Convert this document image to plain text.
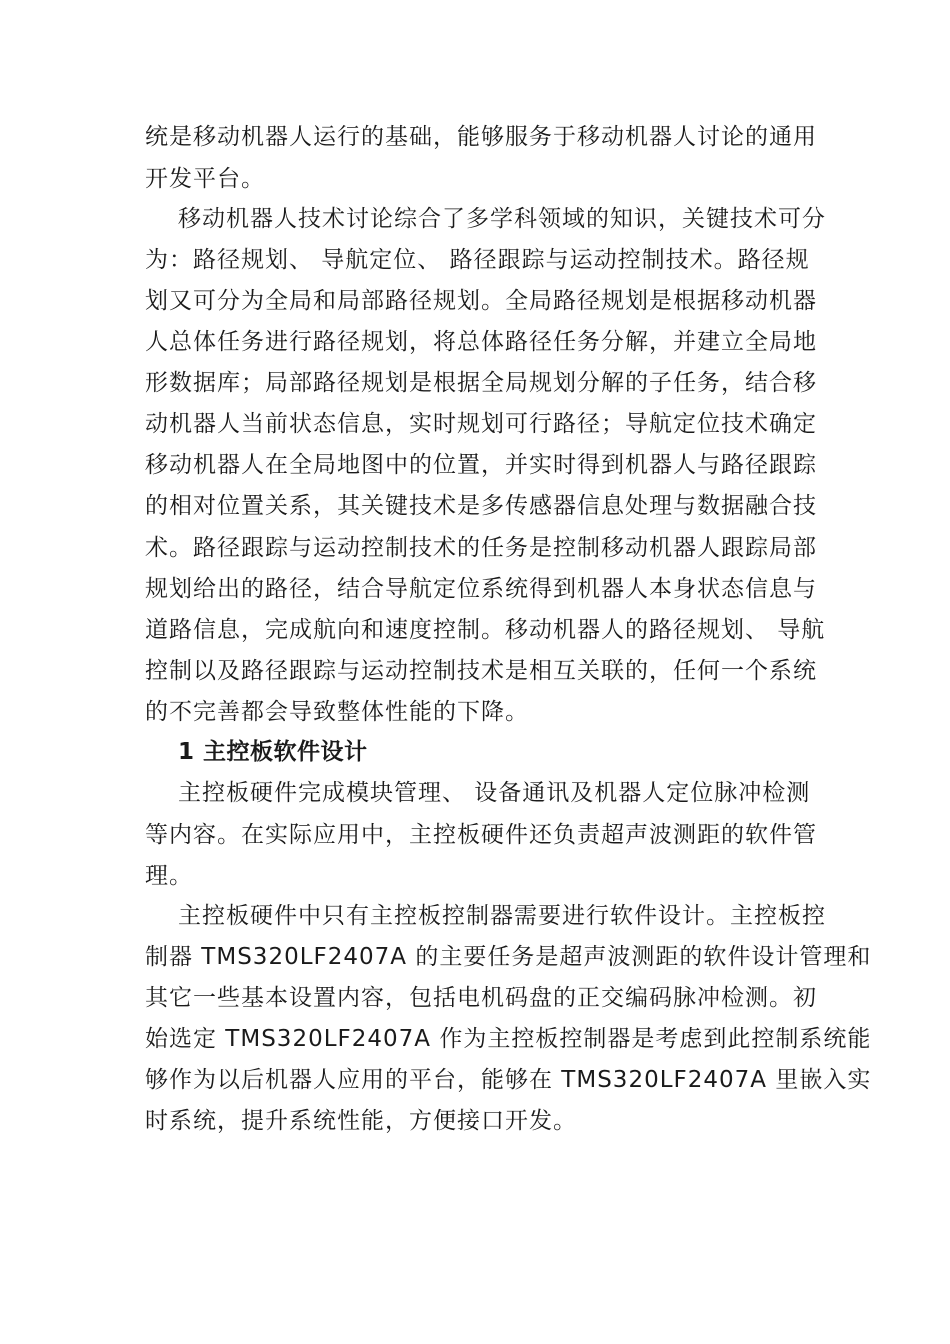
统是移动机器人运行的基础，能够服务于移动机器人讨论的通用
开发平台。
移动机器人技术讨论综合了多学科领域的知识，关键技术可分
为：路径规划、 导航定位、 路径跟踪与运动控制技术。路径规
划又可分为全局和局部路径规划。全局路径规划是根据移动机器
人总体任务进行路径规划，将总体路径任务分解，并建立全局地
形数据库；局部路径规划是根据全局规划分解的子任务，结合移
动机器人当前状态信息，实时规划可行路径；导航定位技术确定
移动机器人在全局地图中的位置，并实时得到机器人与路径跟踪
的相对位置关系，其关键技术是多传感器信息处理与数据融合技
术。路径跟踪与运动控制技术的任务是控制移动机器人跟踪局部
规划给出的路径，结合导航定位系统得到机器人本身状态信息与
道路信息，完成航向和速度控制。移动机器人的路径规划、 导航
控制以及路径跟踪与运动控制技术是相互关联的，任何一个系统
的不完善都会导致整体性能的下降。
1 主控板软件设计
主控板硬件完成模块管理、 设备通讯及机器人定位脉冲检测
等内容。在实际应用中，主控板硬件还负责超声波测距的软件管
理。
主控板硬件中只有主控板控制器需要进行软件设计。主控板控
制器 TMS320LF2407A 的主要任务是超声波测距的软件设计管理和
其它一些基本设置内容，包括电机码盘的正交编码脉冲检测。初
始选定 TMS320LF2407A 作为主控板控制器是考虑到此控制系统能
够作为以后机器人应用的平台，能够在 TMS320LF2407A 里嵌入实
时系统，提升系统性能，方便接口开发。
